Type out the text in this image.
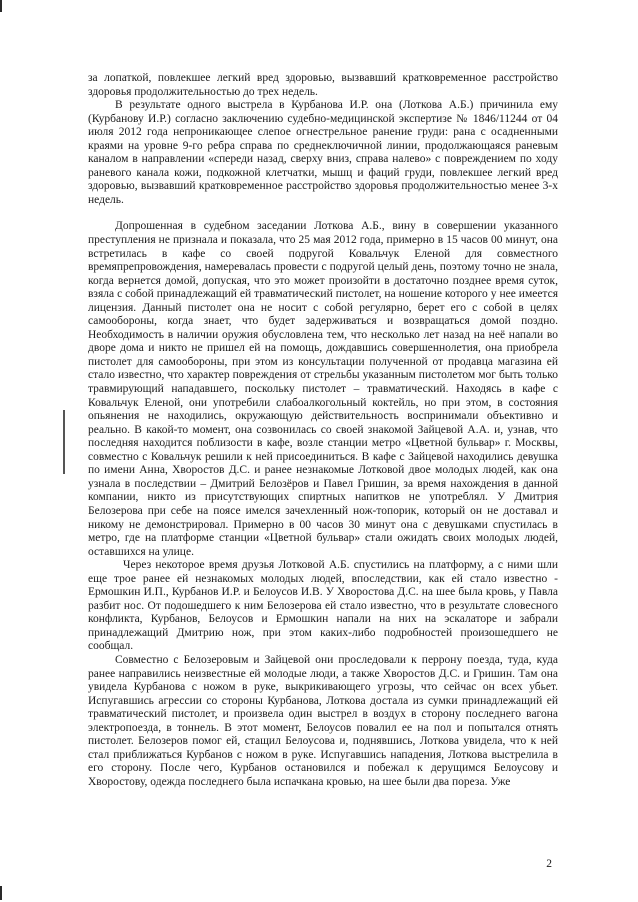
за лопаткой, повлекшее легкий вред здоровью, вызвавший кратковременное расстройство здоровья продолжительностью до трех недель.

В результате одного выстрела в Курбанова И.Р. она (Лоткова А.Б.) причинила ему (Курбанову И.Р.) согласно заключению судебно-медицинской экспертизе № 1846/11244 от 04 июля 2012 года непроникающее слепое огнестрельное ранение груди: рана с осадненными краями на уровне 9-го ребра справа по среднеключичной линии, продолжающаяся раневым каналом в направлении «спереди назад, сверху вниз, справа налево» с повреждением по ходу раневого канала кожи, подкожной клетчатки, мышц и фаций груди, повлекшее легкий вред здоровью, вызвавший кратковременное расстройство здоровья продолжительностью менее 3-х недель.

Допрошенная в судебном заседании Лоткова А.Б., вину в совершении указанного преступления не признала и показала, что 25 мая 2012 года, примерно в 15 часов 00 минут, она встретилась в кафе со своей подругой Ковальчук Еленой для совместного времяпрепровождения, намеревалась провести с подругой целый день, поэтому точно не знала, когда вернется домой, допуская, что это может произойти в достаточно позднее время суток, взяла с собой принадлежащий ей травматический пистолет, на ношение которого у нее имеется лицензия. Данный пистолет она не носит с собой регулярно, берет его с собой в целях самообороны, когда знает, что будет задерживаться и возвращаться домой поздно. Необходимость в наличии оружия обусловлена тем, что несколько лет назад на неё напали во дворе дома и никто не пришел ей на помощь, дождавшись совершеннолетия, она приобрела пистолет для самообороны, при этом из консультации полученной от продавца магазина ей стало известно, что характер повреждения от стрельбы указанным пистолетом мог быть только травмирующий нападавшего, поскольку пистолет – травматический. Находясь в кафе с Ковальчук Еленой, они употребили слабоалкогольный коктейль, но при этом, в состояния опьянения не находились, окружающую действительность воспринимали объективно и реально. В какой-то момент, она созвонилась со своей знакомой Зайцевой А.А. и, узнав, что последняя находится поблизости в кафе, возле станции метро «Цветной бульвар» г. Москвы, совместно с Ковальчук решили к ней присоединиться. В кафе с Зайцевой находились девушка по имени Анна, Хворостов Д.С. и ранее незнакомые Лотковой двое молодых людей, как она узнала в последствии – Дмитрий Белозёров и Павел Гришин, за время нахождения в данной компании, никто из присутствующих спиртных напитков не употреблял. У Дмитрия Белозерова при себе на поясе имелся зачехленный нож-топорик, который он не доставал и никому не демонстрировал. Примерно в 00 часов 30 минут она с девушками спустилась в метро, где на платформе станции «Цветной бульвар» стали ожидать своих молодых людей, оставшихся на улице.

Через некоторое время друзья Лотковой А.Б. спустились на платформу, а с ними шли еще трое ранее ей незнакомых молодых людей, впоследствии, как ей стало известно - Ермошкин И.П., Курбанов И.Р. и Белоусов И.В. У Хворостова Д.С. на шее была кровь, у Павла разбит нос. От подошедшего к ним Белозерова ей стало известно, что в результате словесного конфликта, Курбанов, Белоусов и Ермошкин напали на них на эскалаторе и забрали принадлежащий Дмитрию нож, при этом каких-либо подробностей произошедшего не сообщал.

Совместно с Белозеровым и Зайцевой они проследовали к перрону поезда, туда, куда ранее направились неизвестные ей молодые люди, а также Хворостов Д.С. и Гришин. Там она увидела Курбанова с ножом в руке, выкрикивающего угрозы, что сейчас он всех убьет. Испугавшись агрессии со стороны Курбанова, Лоткова достала из сумки принадлежащий ей травматический пистолет, и произвела один выстрел в воздух в сторону последнего вагона электропоезда, в тоннель. В этот момент, Белоусов повалил ее на пол и попытался отнять пистолет. Белозеров помог ей, стащил Белоусова и, поднявшись, Лоткова увидела, что к ней стал приближаться Курбанов с ножом в руке. Испугавшись нападения, Лоткова выстрелила в его сторону. После чего, Курбанов остановился и побежал к дерущимся Белоусову и Хворостову, одежда последнего была испачкана кровью, на шее были два пореза. Уже

2
